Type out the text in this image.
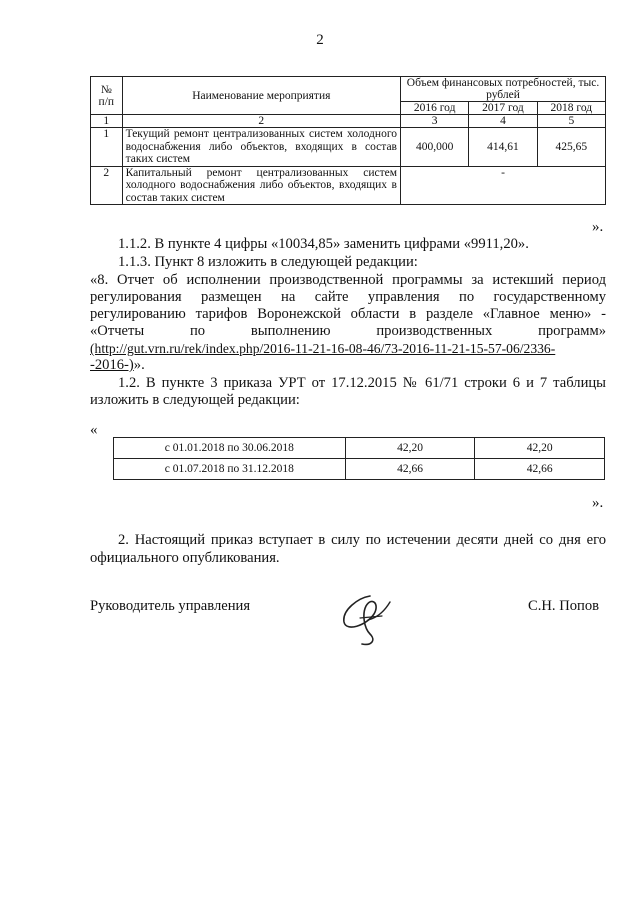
2
№
п/п	Наименование мероприятия	Объем финансовых потребностей, тыс. рублей		
		2016 год	2017 год	2018 год
1	2	3	4	5
1	Текущий ремонт централизованных систем холодного водоснабжения либо объектов, входящих в состав таких систем	400,000	414,61	425,65
2	Капитальный ремонт централизованных систем холодного водоснабжения либо объектов, входящих в состав таких систем	-		
».
1.1.2. В пункте 4 цифры «10034,85» заменить цифрами «9911,20».
1.1.3. Пункт 8 изложить в следующей редакции:
«8. Отчет об исполнении производственной программы за истекший период
регулирования размещен на сайте управления по государственному
регулированию тарифов Воронежской области в разделе «Главное меню» -
«Отчеты по выполнению производственных программ»
(http://gut.vrn.ru/rek/index.php/2016-11-21-16-08-46/73-2016-11-21-15-57-06/2336-
-2016-)».
1.2. В пункте 3 приказа УРТ от 17.12.2015 № 61/71 строки 6 и 7 таблицы
изложить в следующей редакции:
«
с 01.01.2018 по 30.06.2018	42,20	42,20
с 01.07.2018 по 31.12.2018	42,66	42,66
».
2. Настоящий приказ вступает в силу по истечении десяти дней со дня его
официального опубликования.
Руководитель управления	С.Н. Попов
